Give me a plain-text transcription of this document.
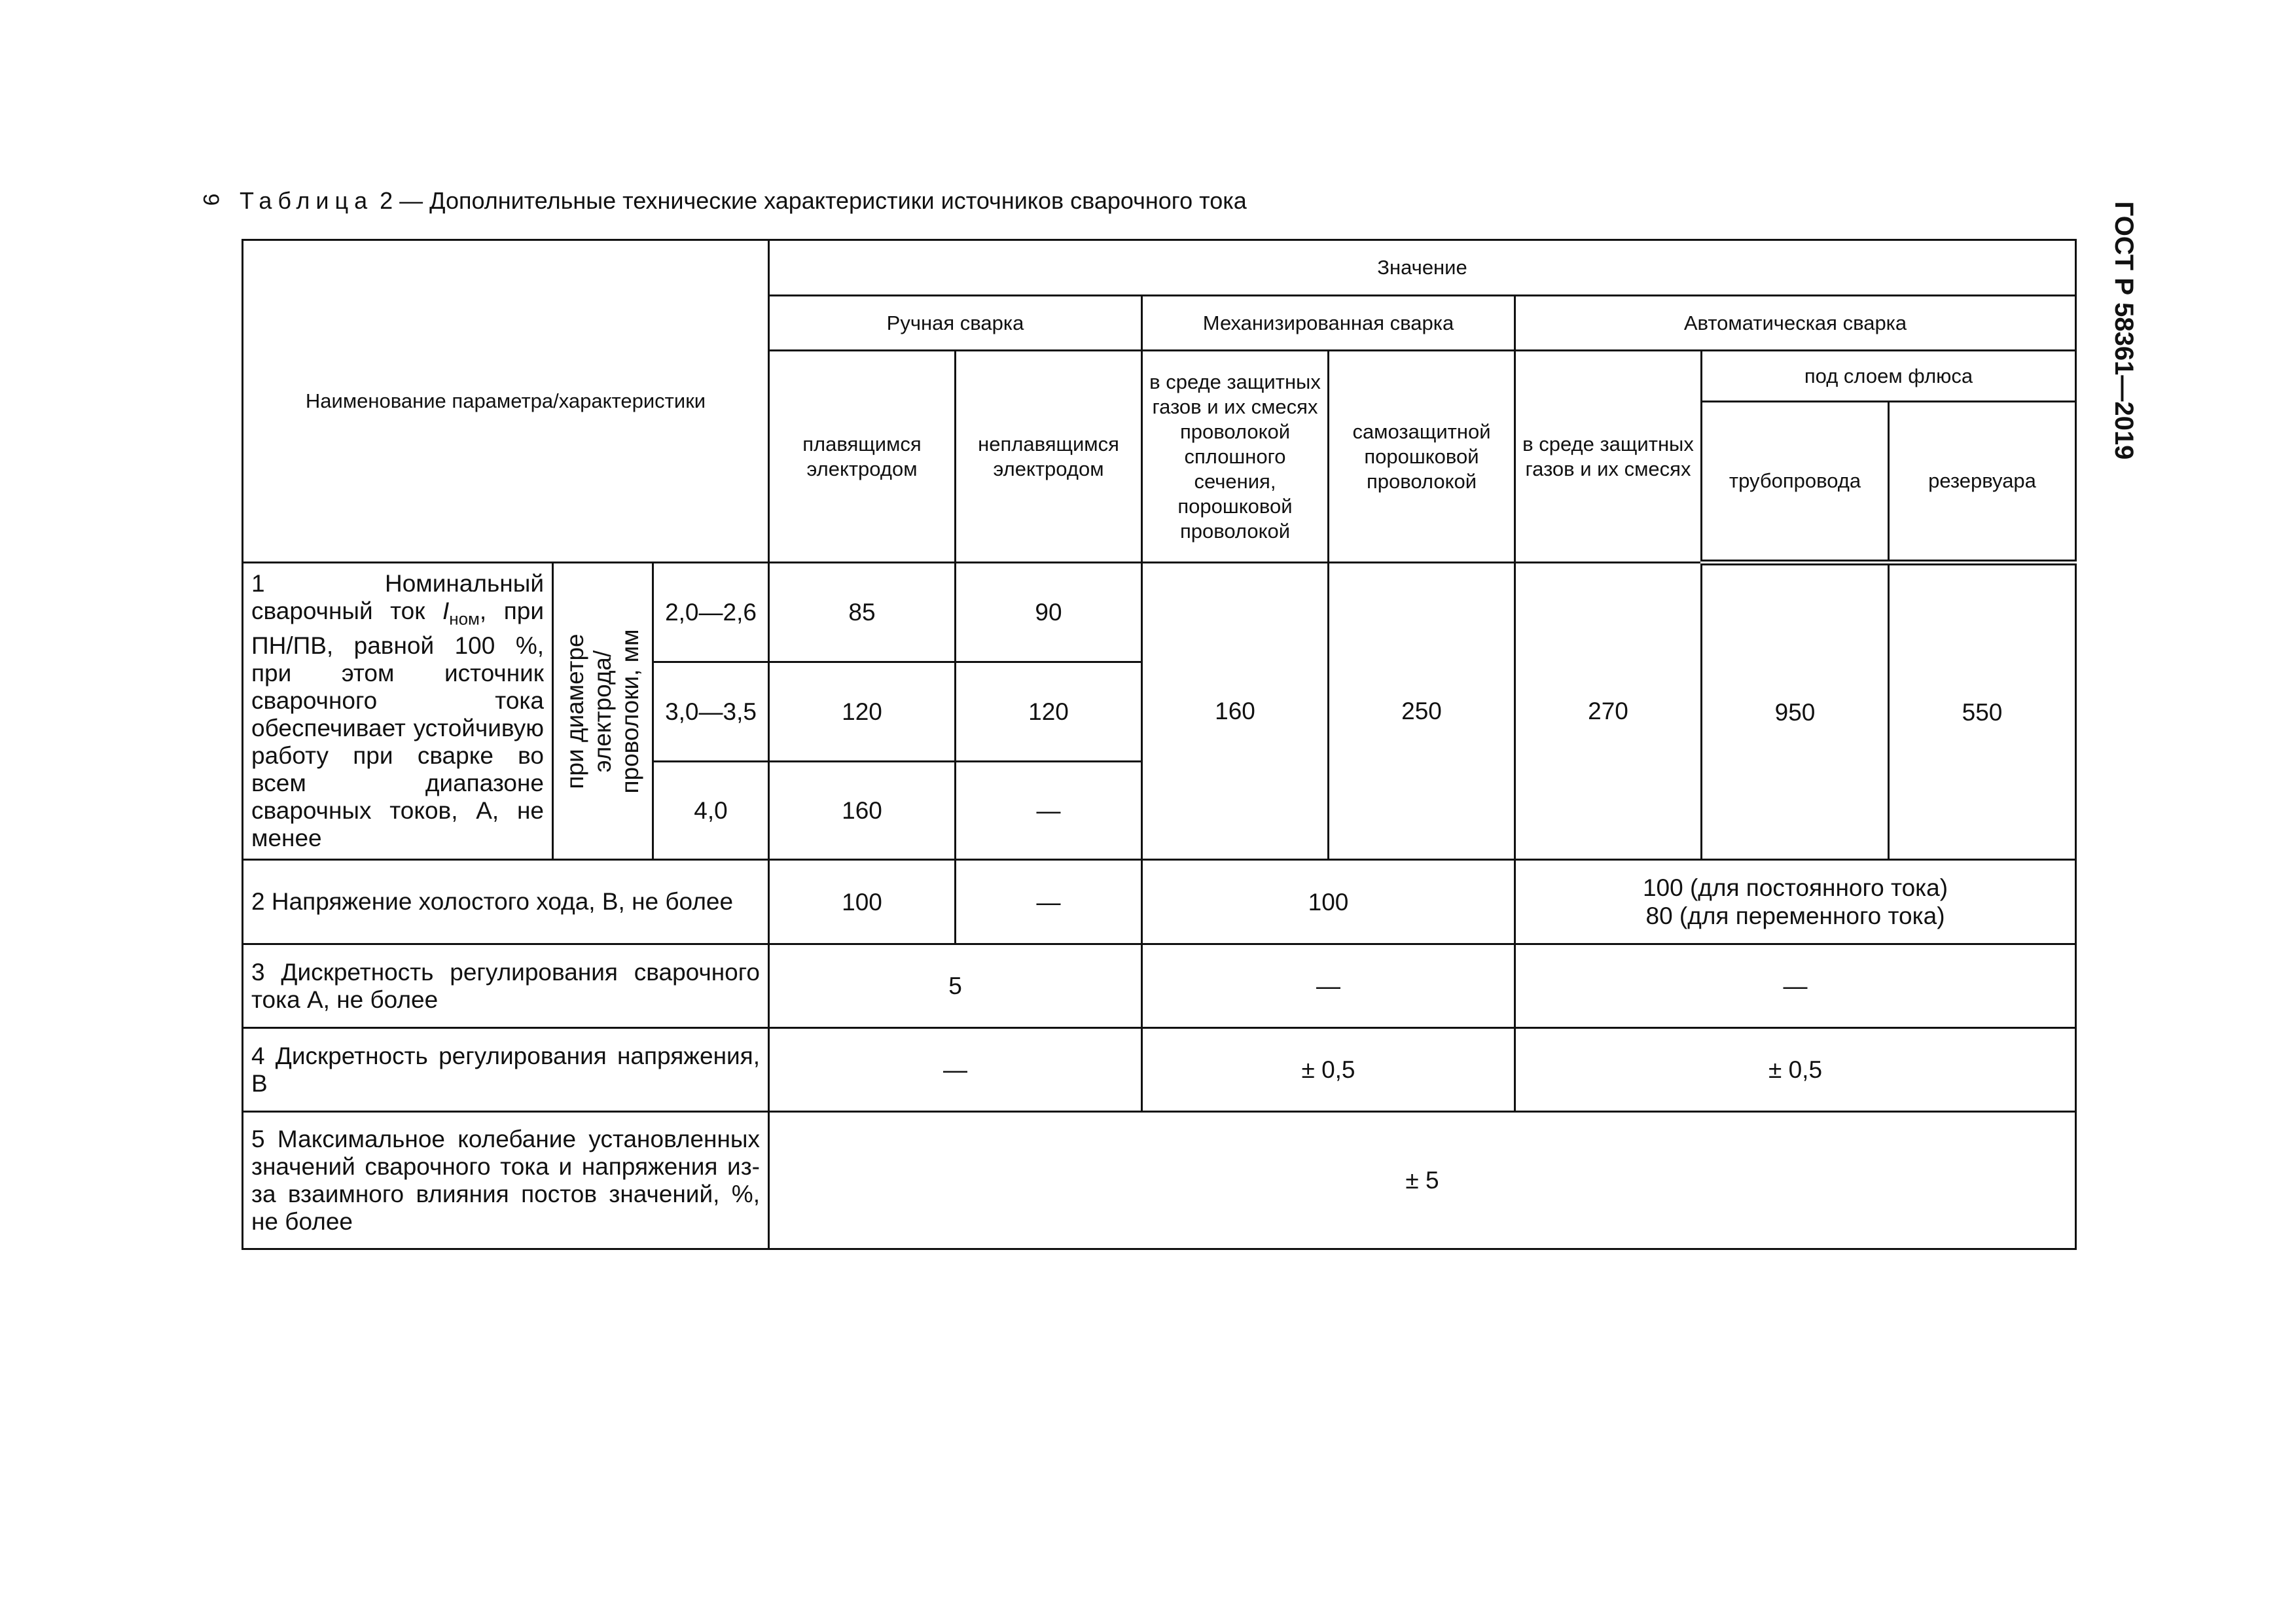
9 Таблица 2 — Дополнительные технические характеристики источников сварочного тока
ГОСТ Р 58361—2019
Наименование параметра/характеристики			Значение						
			Ручная сварка		Механизированная сварка		Автоматическая сварка		
			плавящимся электродом	неплавящимся электродом	в среде защитных газов и их смесях проволокой сплошного сечения, порошковой проволокой	самозащитной порошковой проволокой	в среде защитных газов и их смесях	под слоем флюса	
								трубопровода	резервуара
1 Номинальный сварочный ток $I_{ном}$, при ПН/ПВ, равной 100 %, при этом источник сварочного тока обеспечивает устойчивую работу при сварке во всем диапазоне сварочных токов, А, не менее	при диаметре электрода/проволоки, мм	2,0—2,6	85	90	160	250	270	950	550
		3,0—3,5	120	120					
		4,0	160	—					
2 Напряжение холостого хода, В, не более			100	—	100		100 (для постоянного тока)
80 (для переменного тока)		

3 Дискретность регулирования сварочного тока А, не более			5		—		—		
4 Дискретность регулирования напряжения, В			—		± 0,5		± 0,5		
5 Максимальное колебание установленных значений сварочного тока и напряжения из-за взаимного влияния постов значений, %, не более			± 5						
